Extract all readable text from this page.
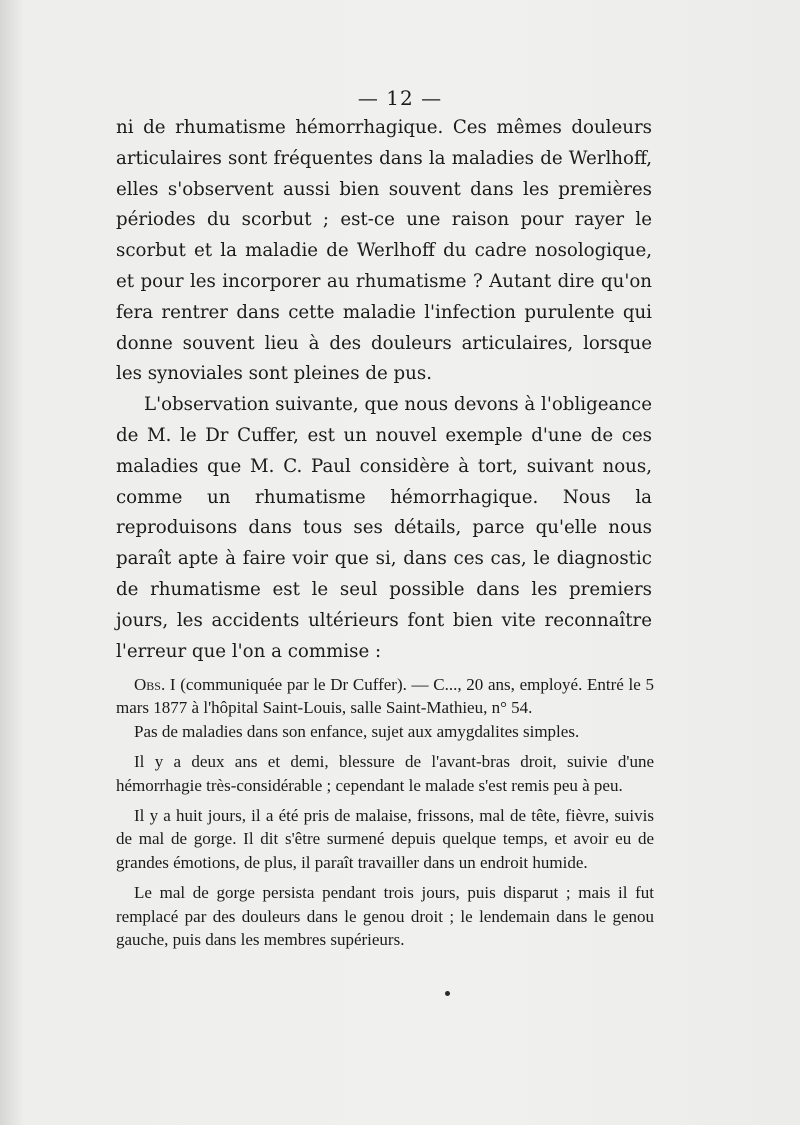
— 12 —

ni de rhumatisme hémorrhagique. Ces mêmes douleurs articulaires sont fréquentes dans la maladies de Werlhoff, elles s'observent aussi bien souvent dans les premières périodes du scorbut ; est-ce une raison pour rayer le scorbut et la maladie de Werlhoff du cadre nosologique, et pour les incorporer au rhumatisme ? Autant dire qu'on fera rentrer dans cette maladie l'infection purulente qui donne souvent lieu à des douleurs articulaires, lorsque les synoviales sont pleines de pus.

L'observation suivante, que nous devons à l'obligeance de M. le Dr Cuffer, est un nouvel exemple d'une de ces maladies que M. C. Paul considère à tort, suivant nous, comme un rhumatisme hémorrhagique. Nous la reproduisons dans tous ses détails, parce qu'elle nous paraît apte à faire voir que si, dans ces cas, le diagnostic de rhumatisme est le seul possible dans les premiers jours, les accidents ultérieurs font bien vite reconnaître l'erreur que l'on a commise :

Obs. I (communiquée par le Dr Cuffer). — C..., 20 ans, employé. Entré le 5 mars 1877 à l'hôpital Saint-Louis, salle Saint-Mathieu, n° 54.

Pas de maladies dans son enfance, sujet aux amygdalites simples.

Il y a deux ans et demi, blessure de l'avant-bras droit, suivie d'une hémorrhagie très-considérable ; cependant le malade s'est remis peu à peu.

Il y a huit jours, il a été pris de malaise, frissons, mal de tête, fièvre, suivis de mal de gorge. Il dit s'être surmené depuis quelque temps, et avoir eu de grandes émotions, de plus, il paraît travailler dans un endroit humide.

Le mal de gorge persista pendant trois jours, puis disparut ; mais il fut remplacé par des douleurs dans le genou droit ; le lendemain dans le genou gauche, puis dans les membres supérieurs.
